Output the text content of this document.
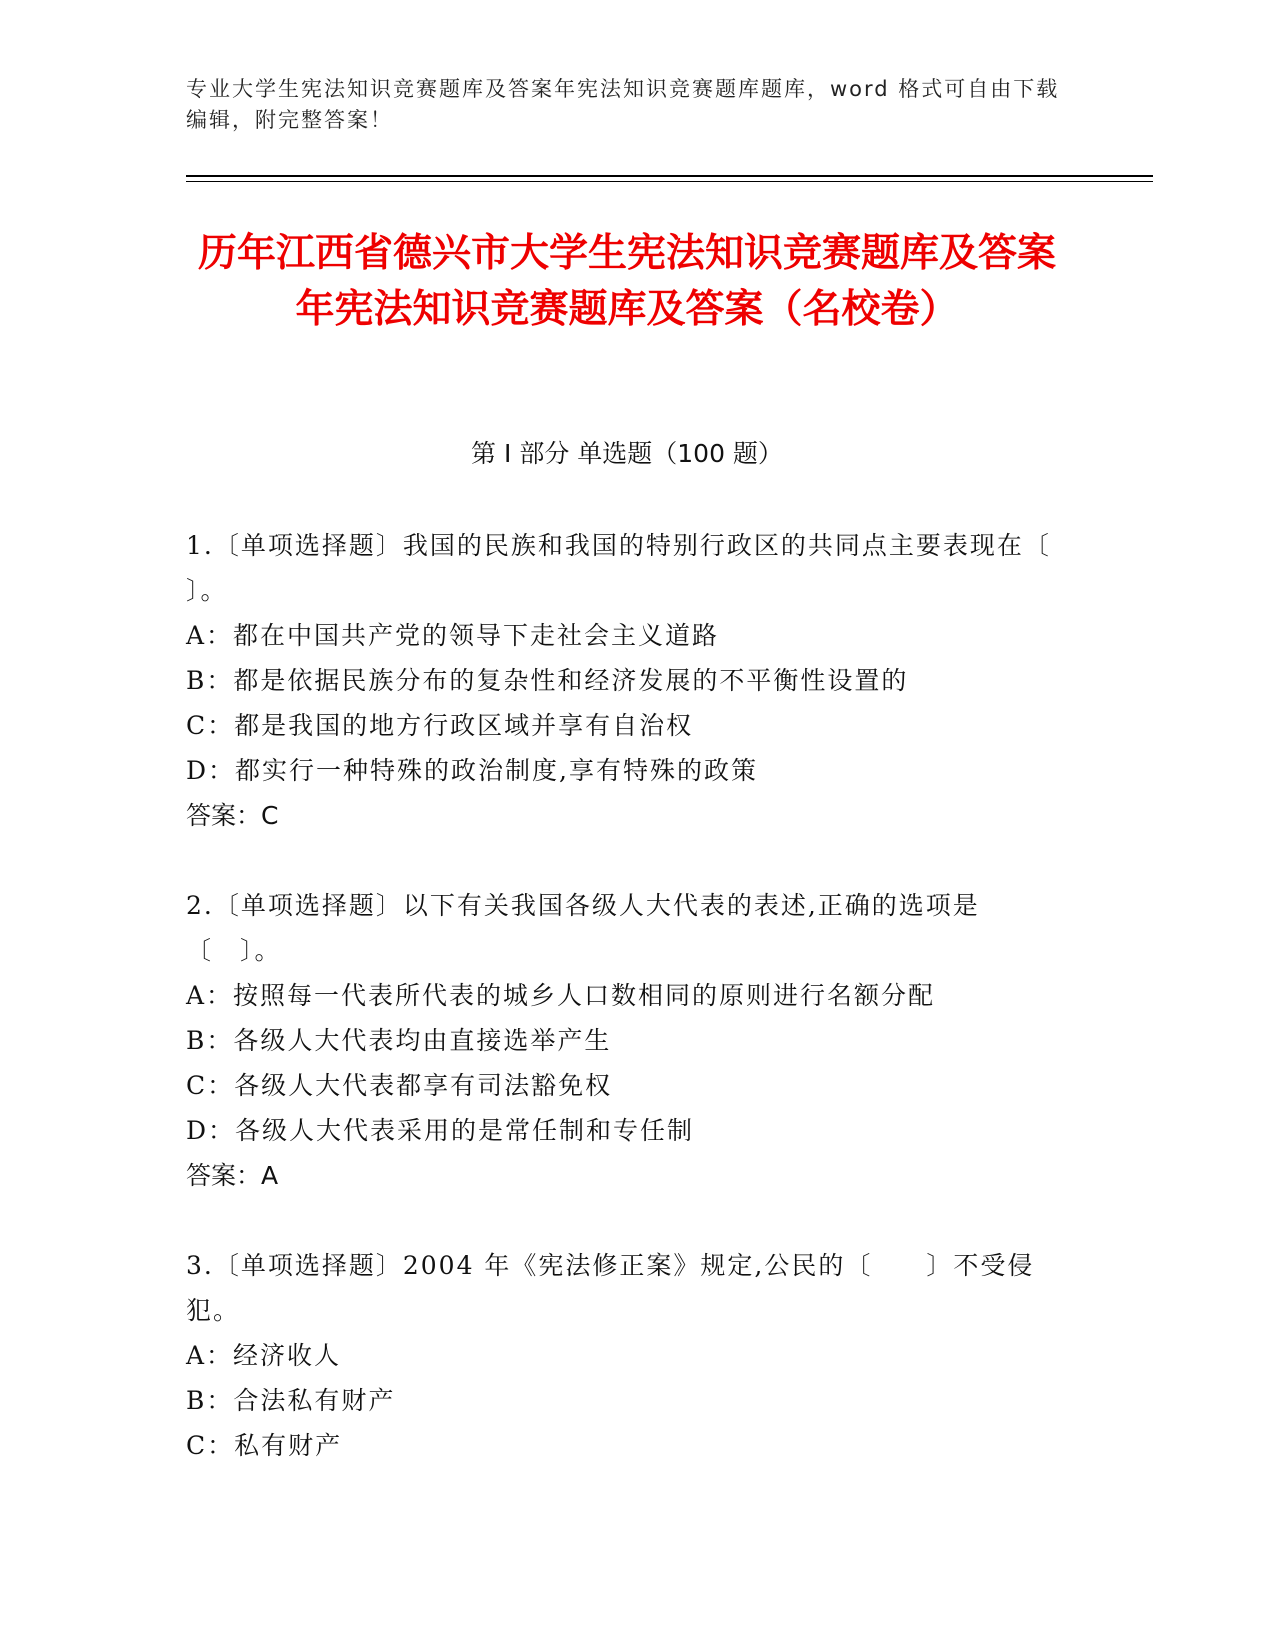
专业大学生宪法知识竞赛题库及答案年宪法知识竞赛题库题库，word 格式可自由下载编辑，附完整答案！
历年江西省德兴市大学生宪法知识竞赛题库及答案年宪法知识竞赛题库及答案（名校卷）
第 I 部分 单选题（100 题）
1.〔单项选择题〕我国的民族和我国的特别行政区的共同点主要表现在〔　　〕。
A：都在中国共产党的领导下走社会主义道路
B：都是依据民族分布的复杂性和经济发展的不平衡性设置的
C：都是我国的地方行政区域并享有自治权
D：都实行一种特殊的政治制度,享有特殊的政策
答案：C
2.〔单项选择题〕以下有关我国各级人大代表的表述,正确的选项是〔　〕。
A：按照每一代表所代表的城乡人口数相同的原则进行名额分配
B：各级人大代表均由直接选举产生
C：各级人大代表都享有司法豁免权
D：各级人大代表采用的是常任制和专任制
答案：A
3.〔单项选择题〕2004 年《宪法修正案》规定,公民的〔　　〕不受侵犯。
A：经济收人
B：合法私有财产
C：私有财产
